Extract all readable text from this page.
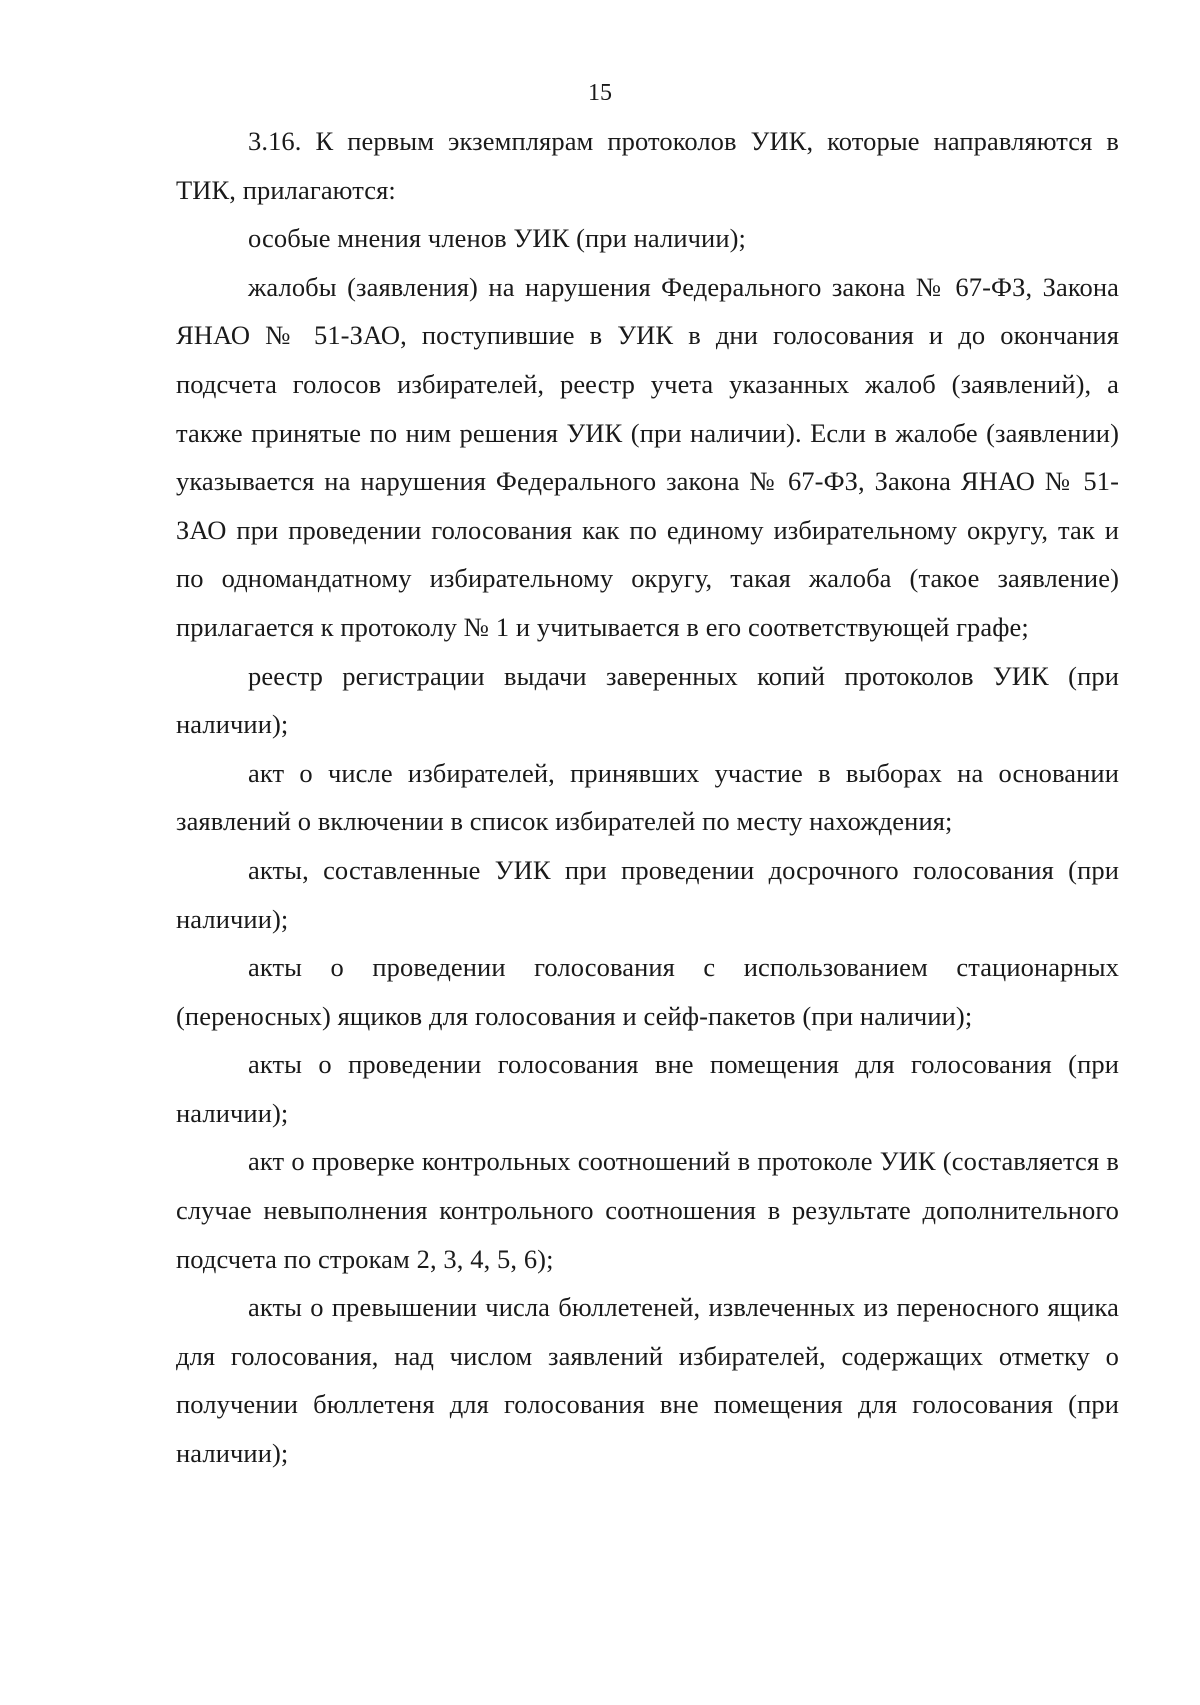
15

3.16. К первым экземплярам протоколов УИК, которые направляются в ТИК, прилагаются:

особые мнения членов УИК (при наличии);

жалобы (заявления) на нарушения Федерального закона № 67-ФЗ, Закона ЯНАО № 51-ЗАО, поступившие в УИК в дни голосования и до окончания подсчета голосов избирателей, реестр учета указанных жалоб (заявлений), а также принятые по ним решения УИК (при наличии). Если в жалобе (заявлении) указывается на нарушения Федерального закона № 67-ФЗ, Закона ЯНАО № 51-ЗАО при проведении голосования как по единому избирательному округу, так и по одномандатному избирательному округу, такая жалоба (такое заявление) прилагается к протоколу № 1 и учитывается в его соответствующей графе;

реестр регистрации выдачи заверенных копий протоколов УИК (при наличии);

акт о числе избирателей, принявших участие в выборах на основании заявлений о включении в список избирателей по месту нахождения;

акты, составленные УИК при проведении досрочного голосования (при наличии);

акты о проведении голосования с использованием стационарных (переносных) ящиков для голосования и сейф-пакетов (при наличии);

акты о проведении голосования вне помещения для голосования (при наличии);

акт о проверке контрольных соотношений в протоколе УИК (составляется в случае невыполнения контрольного соотношения в результате дополнительного подсчета по строкам 2, 3, 4, 5, 6);

акты о превышении числа бюллетеней, извлеченных из переносного ящика для голосования, над числом заявлений избирателей, содержащих отметку о получении бюллетеня для голосования вне помещения для голосования (при наличии);
